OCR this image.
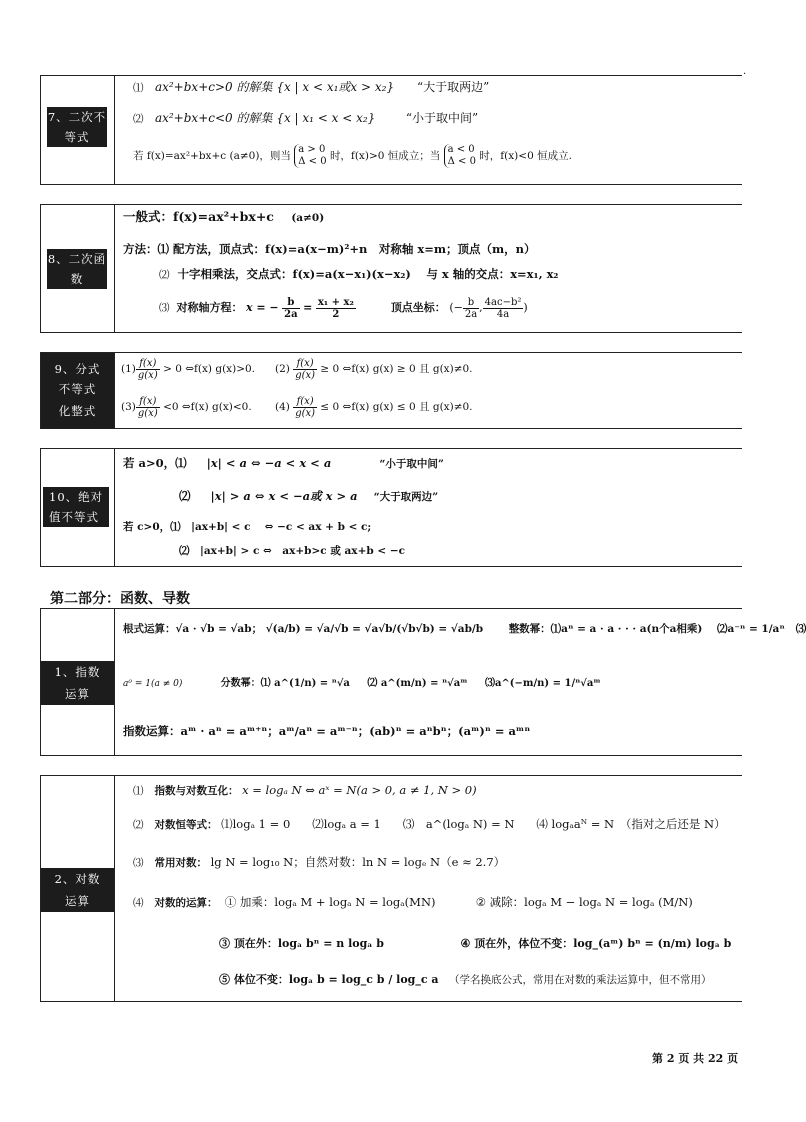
.
7、二次不等式
⑴ ax²+bx+c>0 的解集 {x | x < x₁或x > x₂} “大于取两边”
⑵ ax²+bx+c<0 的解集 {x | x₁ < x < x₂}	“小于取中间”
若 f(x)=ax²+bx+c (a≠0)，则当 a > 0
Δ < 0 时，f(x)>0 恒成立；当 a < 0
Δ < 0 时，f(x)<0 恒成立.
8、二次函数
一般式：f(x)=ax²+bx+c (a≠0)
方法：⑴ 配方法，顶点式：f(x)=a(x−m)²+n　对称轴 x=m；顶点（m，n）
⑵ 十字相乘法，交点式：f(x)=a(x−x₁)(x−x₂)　 与 x 轴的交点：x=x₁, x₂
⑶ 对称轴方程： x = − $\frac{b}{2a} = \frac{\text{x₁ + x₂}}{2}$	顶点坐标： (− $\frac{b}{2a}$ , $\frac{\text{4ac−b²}}{4a}$ )
9、分式不等式
化整式
$(1) \frac{f(x)}{g(x)} > 0$ ⇔f(x) g(x)>0. $(2) \frac{f(x)}{g(x)} \ge 0$ ⇔f(x) g(x) ≥ 0 且 g(x)≠0.
$(3) \frac{f(x)}{g(x)} <0$ ⇔f(x) g(x)<0. $(4) \frac{f(x)}{g(x)} \le 0$ ⇔f(x) g(x) ≤ 0 且 g(x)≠0.
10、绝对值不等式
若 a>0，⑴ |x| < a ⇔ −a < x < a	“小于取中间”
⑵ |x| > a ⇔ x < −a或 x > a “大于取两边”
若 c>0，⑴　|ax+b| < c　 ⇔ −c < ax + b < c;
⑵　|ax+b| > c ⇔　ax+b>c 或 ax+b < −c
第二部分：函数、导数
1、指数运算
根式运算：√a · √b = √ab； √(a/b) = √a/√b = √a√b/(√b√b) = √ab/b 整数幂：⑴aⁿ = a · a · · · a(n个a相乘) ⑵a⁻ⁿ = 1/aⁿ ⑶
a⁰ = 1(a ≠ 0)	分数幂：⑴ a^(1/n) = ⁿ√a ⑵ a^(m/n) = ⁿ√aᵐ ⑶a^(−m/n) = 1/ⁿ√aᵐ
指数运算：aᵐ · aⁿ = aᵐ⁺ⁿ；aᵐ/aⁿ = aᵐ⁻ⁿ；(ab)ⁿ = aⁿbⁿ；(aᵐ)ⁿ = aᵐⁿ
2、对数运算
⑴ 指数与对数互化： x = logₐ N ⇔ aˣ = N(a > 0, a ≠ 1, N > 0)
⑵ 对数恒等式： ⑴logₐ 1 = 0 ⑵logₐ a = 1 ⑶　a^(logₐ N) = N ⑷ logₐaᴺ = N　（指对之后还是 N）
⑶ 常用对数： lg N = log₁₀ N；自然对数：ln N = logₑ N（e ≈ 2.7）
⑷ 对数的运算： ① 加乘：logₐ M + logₐ N = logₐ(MN)	② 减除：logₐ M − logₐ N = logₐ (M/N)
③ 顶在外：logₐ bⁿ = n logₐ b	④ 顶在外，体位不变：log_(aᵐ) bⁿ = (n/m) logₐ b
⑤ 体位不变：logₐ b = log_c b / log_c a （学名换底公式，常用在对数的乘法运算中，但不常用）
第 2 页 共 22 页
